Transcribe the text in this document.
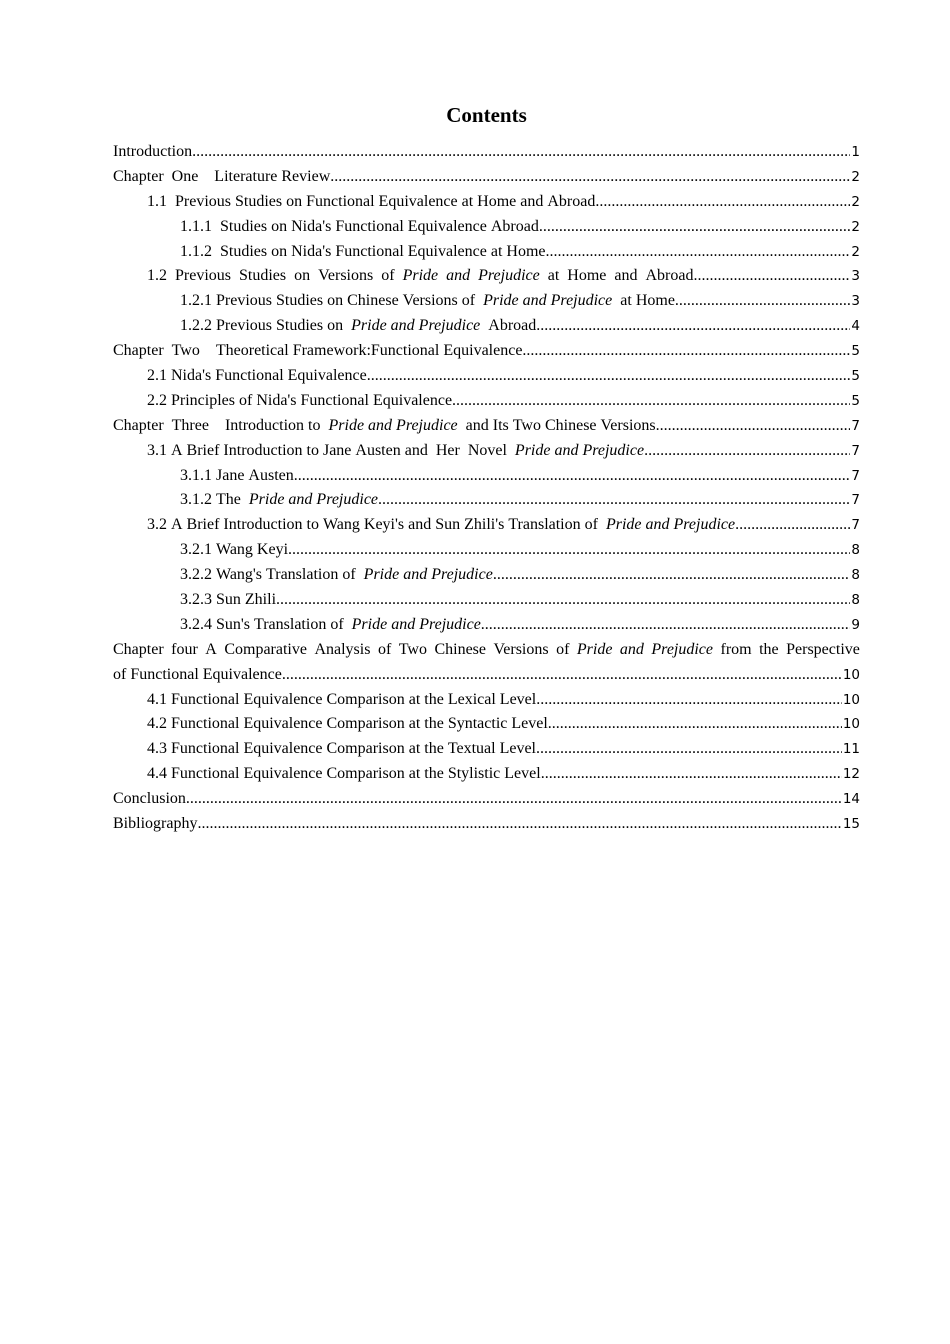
Contents
Introduction .....	1
Chapter  One    Literature Review .....	2
1.1  Previous Studies on Functional Equivalence at Home and Abroad .....	2
1.1.1  Studies on Nida's Functional Equivalence Abroad .....	2
1.1.2  Studies on Nida's Functional Equivalence at Home .....	2
1.2  Previous  Studies  on  Versions  of  Pride  and  Prejudice  at  Home  and  Abroad .....	3
1.2.1 Previous Studies on Chinese Versions of  Pride and Prejudice  at Home .....	3
1.2.2 Previous Studies on  Pride and Prejudice  Abroad .....	4
Chapter  Two    Theoretical Framework:Functional Equivalence .....	5
2.1 Nida's Functional Equivalence .....	5
2.2 Principles of Nida's Functional Equivalence .....	5
Chapter  Three    Introduction to  Pride and Prejudice  and Its Two Chinese Versions .....	7
3.1 A Brief Introduction to Jane Austen and  Her  Novel  Pride and Prejudice .....	7
3.1.1 Jane Austen .....	7
3.1.2 The  Pride and Prejudice .....	7
3.2 A Brief Introduction to Wang Keyi's and Sun Zhili's Translation of  Pride and Prejudice .....	7
3.2.1 Wang Keyi .....	8
3.2.2 Wang's Translation of  Pride and Prejudice .....	8
3.2.3 Sun Zhili .....	8
3.2.4 Sun's Translation of  Pride and Prejudice .....	9
Chapter four A Comparative Analysis of Two Chinese Versions of Pride and Prejudice from the Perspective
of Functional Equivalence .....	10
4.1 Functional Equivalence Comparison at the Lexical Level .....	10
4.2 Functional Equivalence Comparison at the Syntactic Level .....	10
4.3 Functional Equivalence Comparison at the Textual Level .....	11
4.4 Functional Equivalence Comparison at the Stylistic Level .....	12
Conclusion .....	14
Bibliography .....	15
